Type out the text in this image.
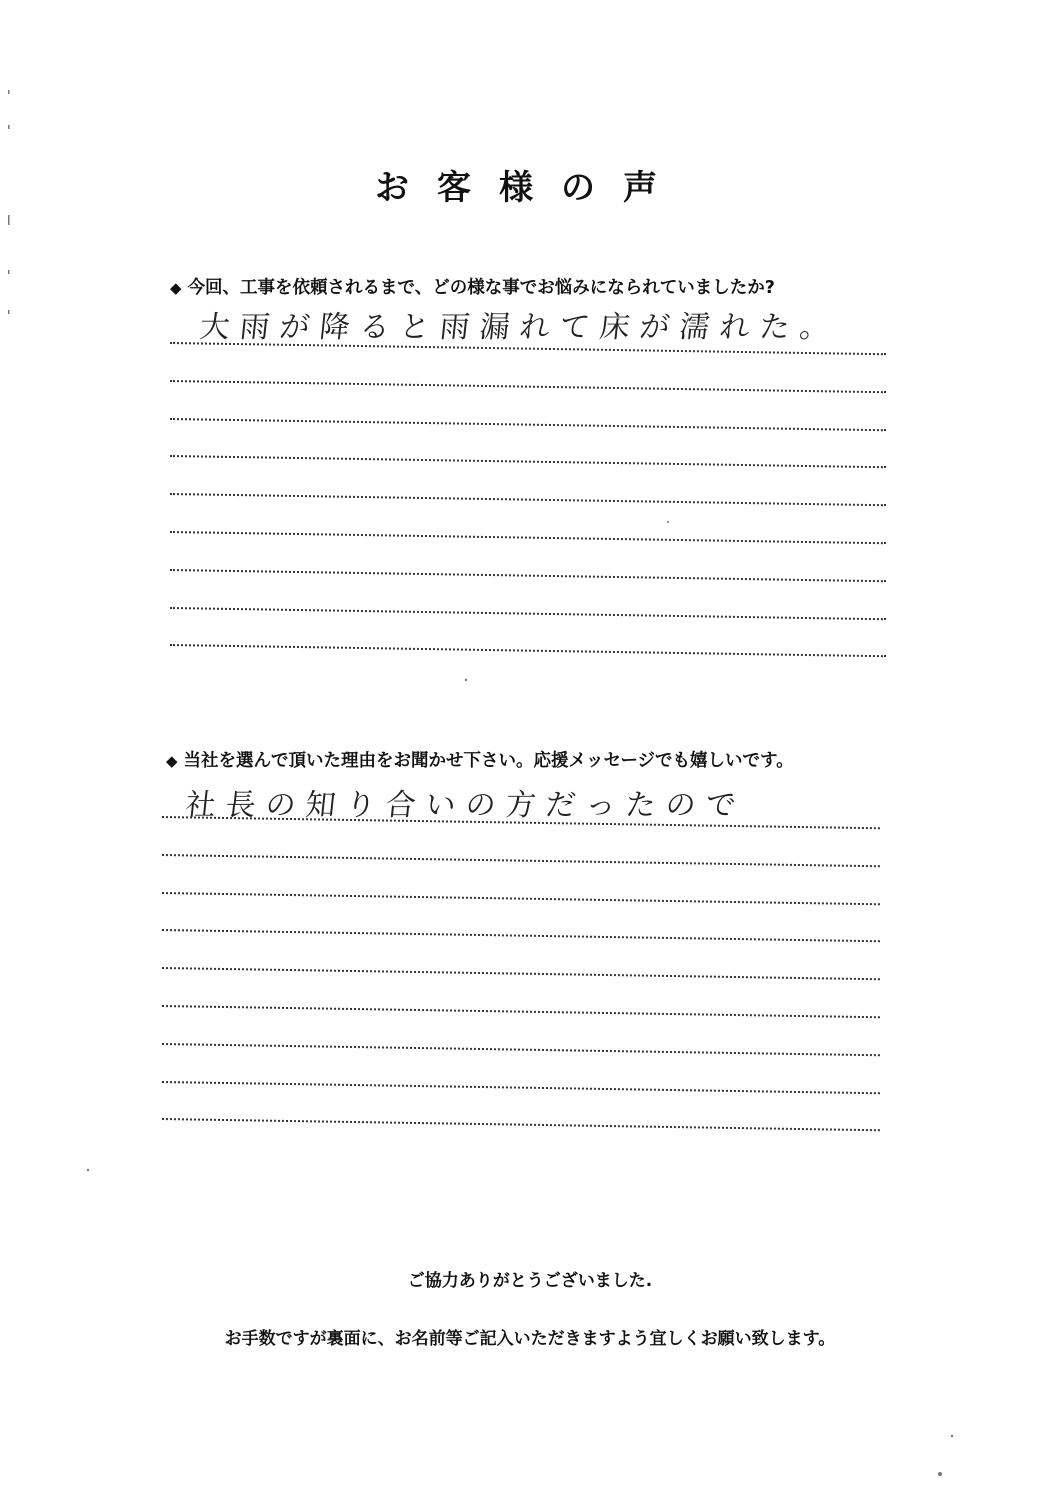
お客様の声
◆ 今回、工事を依頼されるまで、どの様な事でお悩みになられていましたか?
大雨が降ると雨漏れて床が濡れた。
◆ 当社を選んで頂いた理由をお聞かせ下さい。応援メッセージでも嬉しいです。
社長の知り合いの方だったので
ご協力ありがとうございました.
お手数ですが裏面に、お名前等ご記入いただきますよう宜しくお願い致します。
